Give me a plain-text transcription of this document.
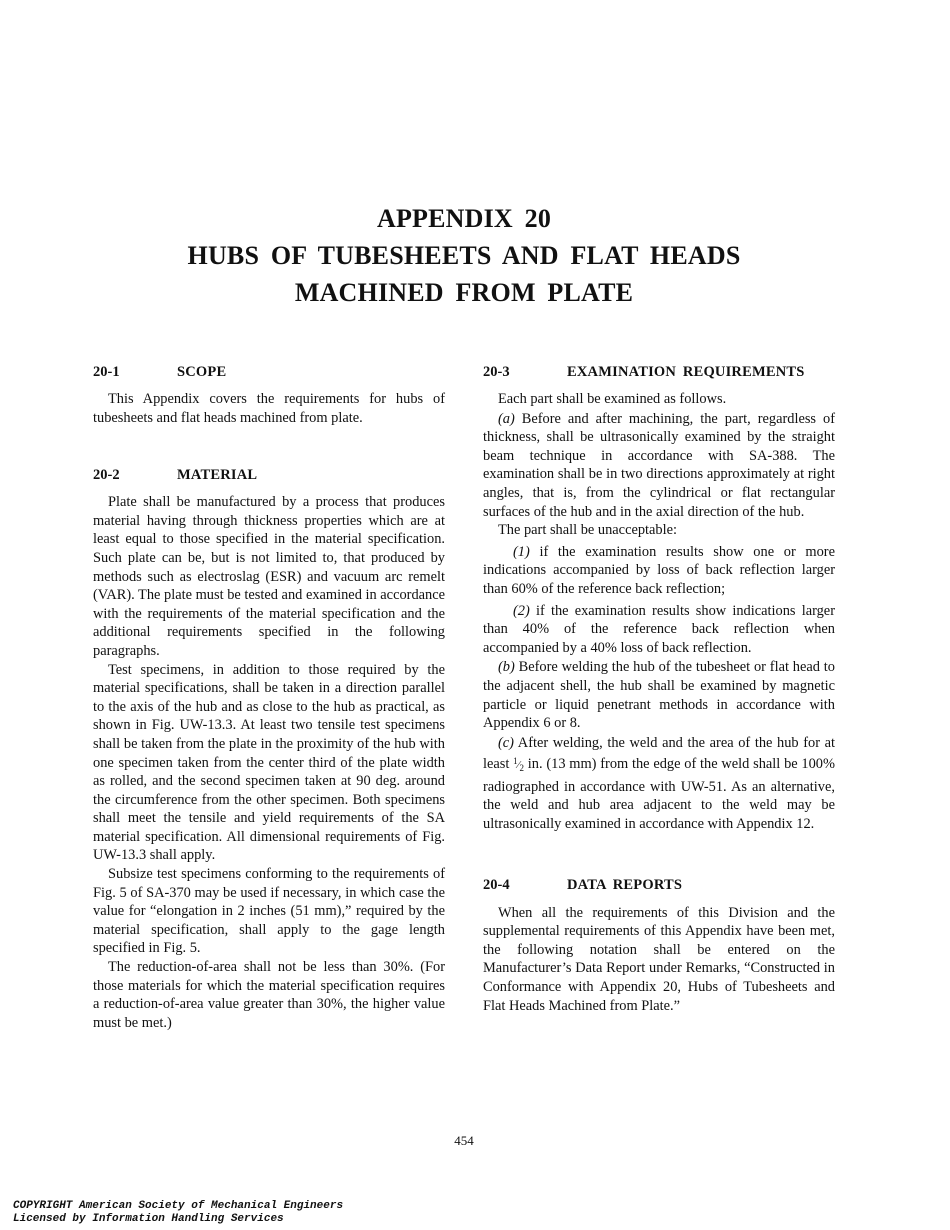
APPENDIX 20
HUBS OF TUBESHEETS AND FLAT HEADS
MACHINED FROM PLATE
20-1	SCOPE

This Appendix covers the requirements for hubs of tubesheets and flat heads machined from plate.

20-2	MATERIAL

Plate shall be manufactured by a process that produces material having through thickness properties which are at least equal to those specified in the material specification. Such plate can be, but is not limited to, that produced by methods such as electroslag (ESR) and vacuum arc remelt (VAR). The plate must be tested and examined in accordance with the requirements of the material specification and the additional requirements specified in the following paragraphs.

Test specimens, in addition to those required by the material specifications, shall be taken in a direction parallel to the axis of the hub and as close to the hub as practical, as shown in Fig. UW-13.3. At least two tensile test specimens shall be taken from the plate in the proximity of the hub with one specimen taken from the center third of the plate width as rolled, and the second specimen taken at 90 deg. around the circumference from the other specimen. Both specimens shall meet the tensile and yield requirements of the SA material specification. All dimensional requirements of Fig. UW-13.3 shall apply.

Subsize test specimens conforming to the requirements of Fig. 5 of SA-370 may be used if necessary, in which case the value for “elongation in 2 inches (51 mm),” required by the material specification, shall apply to the gage length specified in Fig. 5.

The reduction-of-area shall not be less than 30%. (For those materials for which the material specification requires a reduction-of-area value greater than 30%, the higher value must be met.)

20-3	EXAMINATION REQUIREMENTS

Each part shall be examined as follows.

(a) Before and after machining, the part, regardless of thickness, shall be ultrasonically examined by the straight beam technique in accordance with SA-388. The examination shall be in two directions approximately at right angles, that is, from the cylindrical or flat rectangular surfaces of the hub and in the axial direction of the hub.

The part shall be unacceptable:

(1) if the examination results show one or more indications accompanied by loss of back reflection larger than 60% of the reference back reflection;

(2) if the examination results show indications larger than 40% of the reference back reflection when accompanied by a 40% loss of back reflection.

(b) Before welding the hub of the tubesheet or flat head to the adjacent shell, the hub shall be examined by magnetic particle or liquid penetrant methods in accordance with Appendix 6 or 8.

(c) After welding, the weld and the area of the hub for at least $^1⁄_2$ in. (13 mm) from the edge of the weld shall be 100% radiographed in accordance with UW-51. As an alternative, the weld and hub area adjacent to the weld may be ultrasonically examined in accordance with Appendix 12.

20-4	DATA REPORTS

When all the requirements of this Division and the supplemental requirements of this Appendix have been met, the following notation shall be entered on the Manufacturer’s Data Report under Remarks, “Constructed in Conformance with Appendix 20, Hubs of Tubesheets and Flat Heads Machined from Plate.”

454
COPYRIGHT American Society of Mechanical Engineers
Licensed by Information Handling Services
